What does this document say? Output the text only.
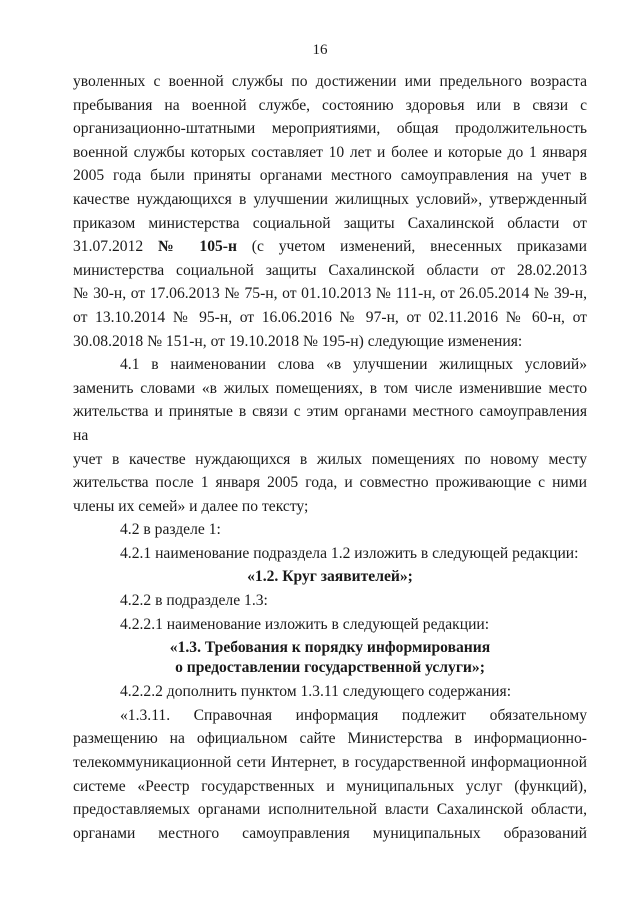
16

уволенных с военной службы по достижении ими предельного возраста

пребывания на военной службе, состоянию здоровья или в связи с

организационно-штатными мероприятиями, общая продолжительность

военной службы которых составляет 10 лет и более и которые до 1 января

2005 года были приняты органами местного самоуправления на учет в

качестве нуждающихся в улучшении жилищных условий», утвержденный

приказом министерства социальной защиты Сахалинской области от

31.07.2012 № 105-н (с учетом изменений, внесенных приказами

министерства социальной защиты Сахалинской области от 28.02.2013

№ 30-н, от 17.06.2013 № 75-н, от 01.10.2013 № 111-н, от 26.05.2014 № 39-н,

от 13.10.2014 № 95-н, от 16.06.2016 № 97-н, от 02.11.2016 № 60-н, от

30.08.2018 № 151-н, от 19.10.2018 № 195-н) следующие изменения:

4.1 в наименовании слова «в улучшении жилищных условий»

заменить словами «в жилых помещениях, в том числе изменившие место

жительства и принятые в связи с этим органами местного самоуправления на

учет в качестве нуждающихся в жилых помещениях по новому месту

жительства после 1 января 2005 года, и совместно проживающие с ними

члены их семей» и далее по тексту;

4.2 в разделе 1:

4.2.1 наименование подраздела 1.2 изложить в следующей редакции:

«1.2. Круг заявителей»;

4.2.2 в подразделе 1.3:

4.2.2.1 наименование изложить в следующей редакции:

«1.3. Требования к порядку информирования

о предоставлении государственной услуги»;

4.2.2.2 дополнить пунктом 1.3.11 следующего содержания:

«1.3.11. Справочная информация подлежит обязательному

размещению на официальном сайте Министерства в информационно-

телекоммуникационной сети Интернет, в государственной информационной

системе «Реестр государственных и муниципальных услуг (функций),

предоставляемых органами исполнительной власти Сахалинской области,

органами местного самоуправления муниципальных образований
